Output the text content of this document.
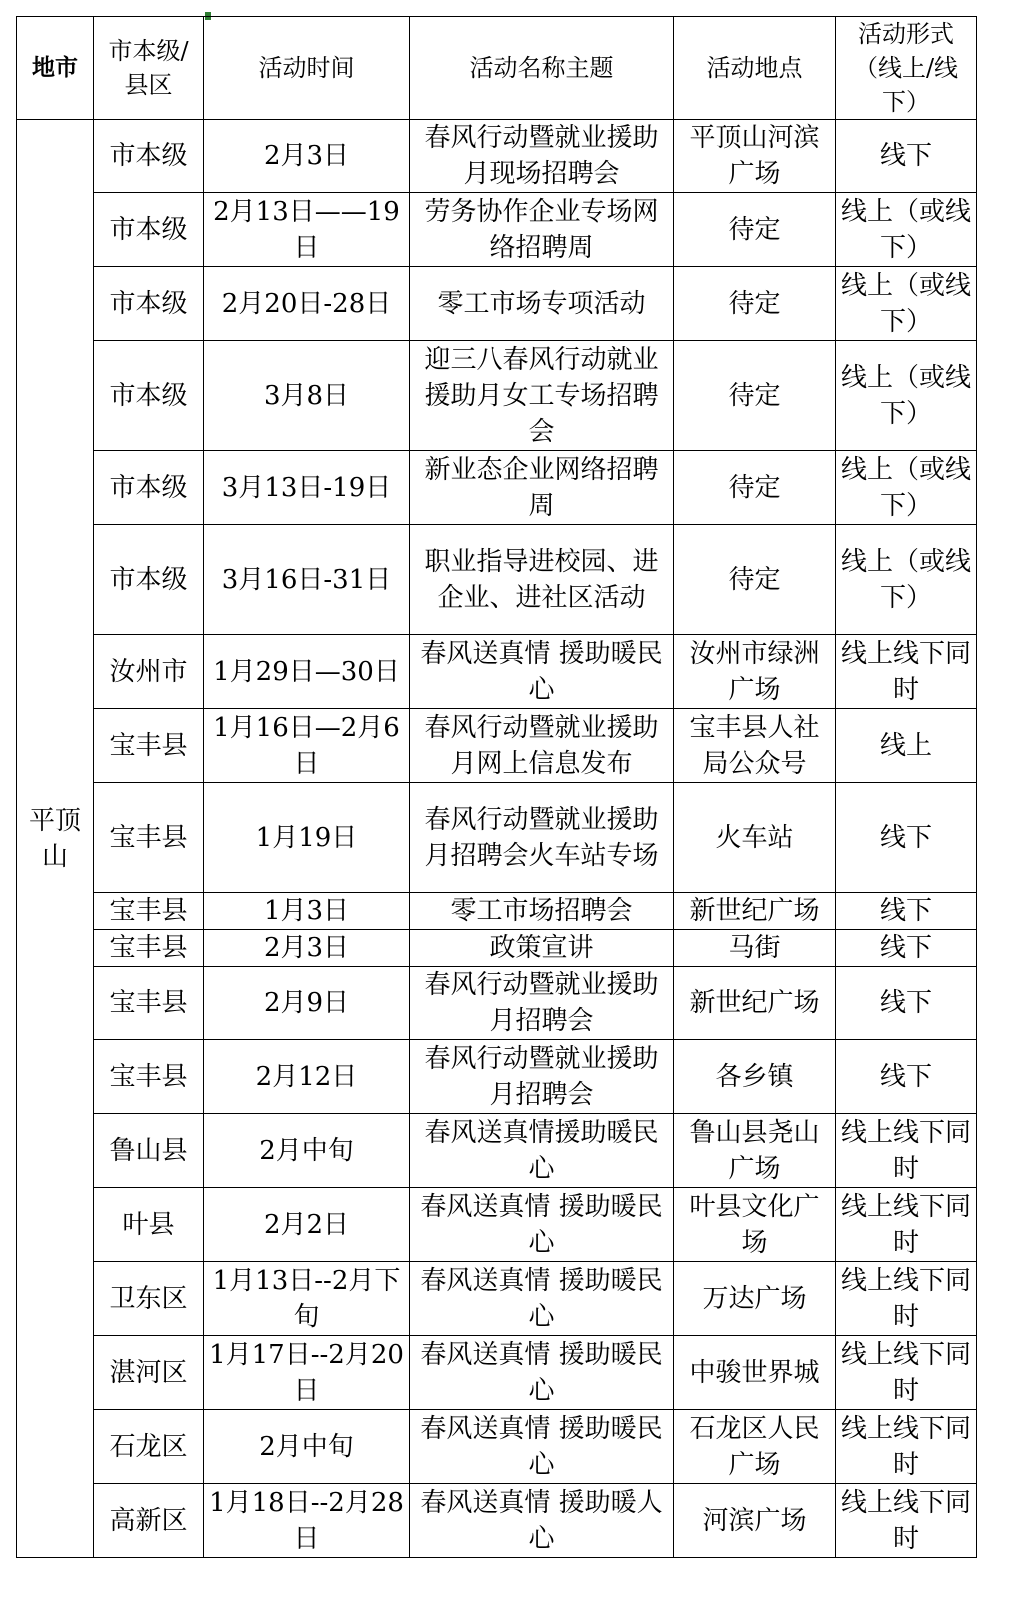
地市	市本级/县区	活动时间	活动名称主题	活动地点	活动形式（线上/线下）
平顶山	市本级	2月3日	春风行动暨就业援助月现场招聘会	平顶山河滨广场	线下
	市本级	2月13日——19日	劳务协作企业专场网络招聘周	待定	线上（或线下）
	市本级	2月20日-28日	零工市场专项活动	待定	线上（或线下）
	市本级	3月8日	迎三八春风行动就业援助月女工专场招聘会	待定	线上（或线下）
	市本级	3月13日-19日	新业态企业网络招聘周	待定	线上（或线下）
	市本级	3月16日-31日	职业指导进校园、进企业、进社区活动	待定	线上（或线下）
	汝州市	1月29日—30日	春风送真情 援助暖民心	汝州市绿洲广场	线上线下同时
	宝丰县	1月16日—2月6日	春风行动暨就业援助月网上信息发布	宝丰县人社局公众号	线上
	宝丰县	1月19日	春风行动暨就业援助月招聘会火车站专场	火车站	线下
	宝丰县	1月3日	零工市场招聘会	新世纪广场	线下
	宝丰县	2月3日	政策宣讲	马街	线下
	宝丰县	2月9日	春风行动暨就业援助月招聘会	新世纪广场	线下
	宝丰县	2月12日	春风行动暨就业援助月招聘会	各乡镇	线下
	鲁山县	2月中旬	春风送真情援助暖民心	鲁山县尧山广场	线上线下同时
	叶县	2月2日	春风送真情 援助暖民心	叶县文化广场	线上线下同时
	卫东区	1月13日--2月下旬	春风送真情 援助暖民心	万达广场	线上线下同时
	湛河区	1月17日--2月20日	春风送真情 援助暖民心	中骏世界城	线上线下同时
	石龙区	2月中旬	春风送真情 援助暖民心	石龙区人民广场	线上线下同时
	高新区	1月18日--2月28日	春风送真情 援助暖人心	河滨广场	线上线下同时
